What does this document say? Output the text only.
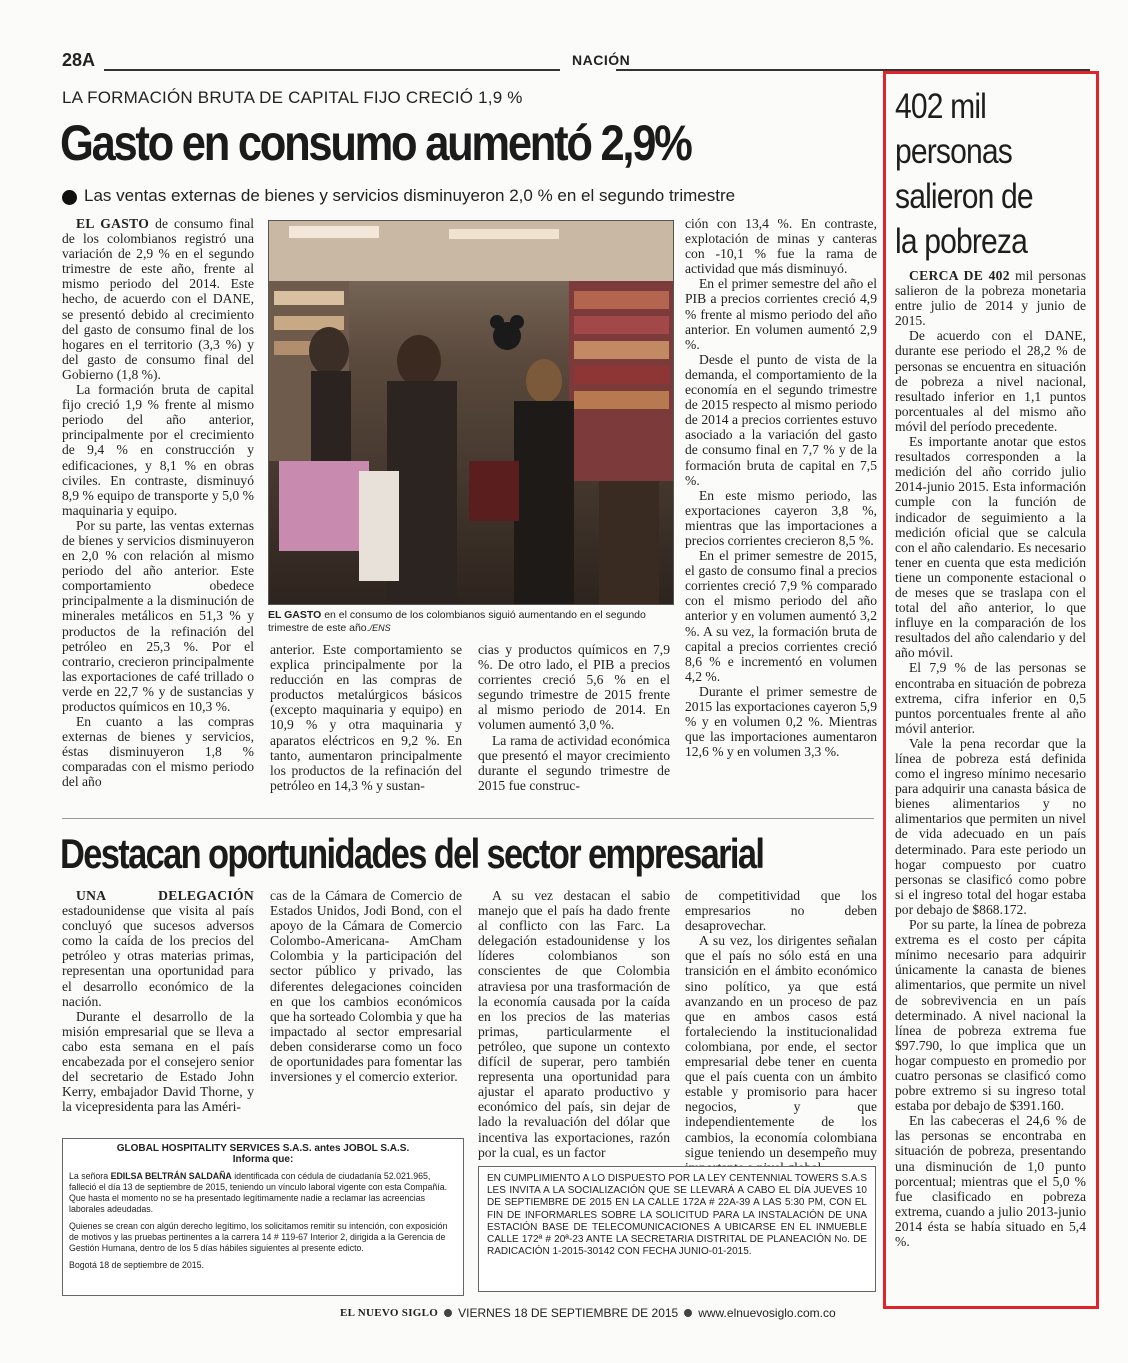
28A	NACIÓN
LA FORMACIÓN BRUTA DE CAPITAL FIJO CRECIÓ 1,9 %
Gasto en consumo aumentó 2,9%
Las ventas externas de bienes y servicios disminuyeron 2,0 % en el segundo trimestre

EL GASTO de consumo final de los colombianos registró una variación de 2,9 % en el segundo trimestre de este año, frente al mismo periodo del 2014. Este hecho, de acuerdo con el DANE, se presentó debido al crecimiento del gasto de consumo final de los hogares en el territorio (3,3 %) y del gasto de consumo final del Gobierno (1,8 %).

La formación bruta de capital fijo creció 1,9 % frente al mismo periodo del año anterior, principalmente por el crecimiento de 9,4 % en construcción y edificaciones, y 8,1 % en obras civiles. En contraste, disminuyó 8,9 % equipo de transporte y 5,0 % maquinaria y equipo.

Por su parte, las ventas externas de bienes y servicios disminuyeron en 2,0 % con relación al mismo periodo del año anterior. Este comportamiento obedece principalmente a la disminución de minerales metálicos en 51,3 % y productos de la refinación del petróleo en 25,3 %. Por el contrario, crecieron principalmente las exportaciones de café trillado o verde en 22,7 % y de sustancias y productos químicos en 10,3 %.

En cuanto a las compras externas de bienes y servicios, éstas disminuyeron 1,8 % comparadas con el mismo periodo del año

EL GASTO en el consumo de los colombianos siguió aumentando en el segundo trimestre de este año./ENS

anterior. Este comportamiento se explica principalmente por la reducción en las compras de productos metalúrgicos básicos (excepto maquinaria y equipo) en 10,9 % y otra maquinaria y aparatos eléctricos en 9,2 %. En tanto, aumentaron principalmente los productos de la refinación del petróleo en 14,3 % y sustan-

cias y productos químicos en 7,9 %. De otro lado, el PIB a precios corrientes creció 5,6 % en el segundo trimestre de 2015 frente al mismo periodo de 2014. En volumen aumentó 3,0 %.

La rama de actividad económica que presentó el mayor crecimiento durante el segundo trimestre de 2015 fue construc-

ción con 13,4 %. En contraste, explotación de minas y canteras con -10,1 % fue la rama de actividad que más disminuyó.

En el primer semestre del año el PIB a precios corrientes creció 4,9 % frente al mismo periodo del año anterior. En volumen aumentó 2,9 %.

Desde el punto de vista de la demanda, el comportamiento de la economía en el segundo trimestre de 2015 respecto al mismo periodo de 2014 a precios corrientes estuvo asociado a la variación del gasto de consumo final en 7,7 % y de la formación bruta de capital en 7,5 %.

En este mismo periodo, las exportaciones cayeron 3,8 %, mientras que las importaciones a precios corrientes crecieron 8,5 %.

En el primer semestre de 2015, el gasto de consumo final a precios corrientes creció 7,9 % comparado con el mismo periodo del año anterior y en volumen aumentó 3,2 %. A su vez, la formación bruta de capital a precios corrientes creció 8,6 % e incrementó en volumen 4,2 %.

Durante el primer semestre de 2015 las exportaciones cayeron 5,9 % y en volumen 0,2 %. Mientras que las importaciones aumentaron 12,6 % y en volumen 3,3 %.

Destacan oportunidades del sector empresarial

UNA DELEGACIÓN estadounidense que visita al país concluyó que sucesos adversos como la caída de los precios del petróleo y otras materias primas, representan una oportunidad para el desarrollo económico de la nación.

Durante el desarrollo de la misión empresarial que se lleva a cabo esta semana en el país encabezada por el consejero senior del secretario de Estado John Kerry, embajador David Thorne, y la vicepresidenta para las Améri-

cas de la Cámara de Comercio de Estados Unidos, Jodi Bond, con el apoyo de la Cámara de Comercio Colombo-Americana- AmCham Colombia y la participación del sector público y privado, las diferentes delegaciones coinciden en que los cambios económicos que ha sorteado Colombia y que ha impactado al sector empresarial deben considerarse como un foco de oportunidades para fomentar las inversiones y el comercio exterior.

A su vez destacan el sabio manejo que el país ha dado frente al conflicto con las Farc. La delegación estadounidense y los líderes colombianos son conscientes de que Colombia atraviesa por una trasformación de la economía causada por la caída en los precios de las materias primas, particularmente el petróleo, que supone un contexto difícil de superar, pero también representa una oportunidad para ajustar el aparato productivo y económico del país, sin dejar de lado la revaluación del dólar que incentiva las exportaciones, razón por la cual, es un factor

de competitividad que los empresarios no deben desaprovechar.

A su vez, los dirigentes señalan que el país no sólo está en una transición en el ámbito económico sino político, ya que está avanzando en un proceso de paz que en ambos casos está fortaleciendo la institucionalidad colombiana, por ende, el sector empresarial debe tener en cuenta que el país cuenta con un ámbito estable y promisorio para hacer negocios, y que independientemente de los cambios, la economía colombiana sigue teniendo un desempeño muy

GLOBAL HOSPITALITY SERVICES S.A.S. antes JOBOL S.A.S.
Informa que:
La señora EDILSA BELTRÁN SALDAÑA identificada con cédula de ciudadanía 52.021.965, falleció el día 13 de septiembre de 2015, teniendo un vínculo laboral vigente con esta Compañía. Que hasta el momento no se ha presentado legítimamente nadie a reclamar las acreencias laborales adeudadas.
Quienes se crean con algún derecho legítimo, los solicitamos remitir su intención, con exposición de motivos y las pruebas pertinentes a la carrera 14 # 119-67 Interior 2, dirigida a la Gerencia de Gestión Humana, dentro de los 5 días hábiles siguientes al presente edicto.
Bogotá 18 de septiembre de 2015.
EN CUMPLIMIENTO A LO DISPUESTO POR LA LEY CENTENNIAL TOWERS S.A.S LES INVITA A LA SOCIALIZACIÓN QUE SE LLEVARÁ A CABO EL DÍA JUEVES 10 DE SEPTIEMBRE DE 2015 EN LA CALLE 172A # 22A-39 A LAS 5:30 PM, CON EL FIN DE INFORMARLES SOBRE LA SOLICITUD PARA LA INSTALACIÓN DE UNA ESTACIÓN BASE DE TELECOMUNICACIONES A UBICARSE EN EL INMUEBLE CALLE 172ª # 20ª-23 ANTE LA SECRETARIA DISTRITAL DE PLANEACIÓN No. DE RADICACIÓN 1-2015-30142 CON FECHA JUNIO-01-2015.
402 mil
personas
salieron de
la pobreza

CERCA DE 402 mil personas salieron de la pobreza monetaria entre julio de 2014 y junio de 2015.

De acuerdo con el DANE, durante ese periodo el 28,2 % de personas se encuentra en situación de pobreza a nivel nacional, resultado inferior en 1,1 puntos porcentuales al del mismo año móvil del período precedente.

Es importante anotar que estos resultados corresponden a la medición del año corrido julio 2014-junio 2015. Esta información cumple con la función de indicador de seguimiento a la medición oficial que se calcula con el año calendario. Es necesario tener en cuenta que esta medición tiene un componente estacional o de meses que se traslapa con el total del año anterior, lo que influye en la comparación de los resultados del año calendario y del año móvil.

El 7,9 % de las personas se encontraba en situación de pobreza extrema, cifra inferior en 0,5 puntos porcentuales frente al año móvil anterior.

Vale la pena recordar que la línea de pobreza está definida como el ingreso mínimo necesario para adquirir una canasta básica de bienes alimentarios y no alimentarios que permiten un nivel de vida adecuado en un país determinado. Para este periodo un hogar compuesto por cuatro personas se clasificó como pobre si el ingreso total del hogar estaba por debajo de $868.172.

Por su parte, la línea de pobreza extrema es el costo per cápita mínimo necesario para adquirir únicamente la canasta de bienes alimentarios, que permite un nivel de sobrevivencia en un país determinado. A nivel nacional la línea de pobreza extrema fue $97.790, lo que implica que un hogar compuesto en promedio por cuatro personas se clasificó como pobre extremo si su ingreso total estaba por debajo de $391.160.

En las cabeceras el 24,6 % de las personas se encontraba en situación de pobreza, presentando una disminución de 1,0 punto porcentual; mientras que el 5,0 % fue clasificado en pobreza extrema, cuando a julio 2013-junio 2014 ésta se había situado en 5,4 %.

EL NUEVO SIGLO VIERNES 18 DE SEPTIEMBRE DE 2015 www.elnuevosiglo.com.co
